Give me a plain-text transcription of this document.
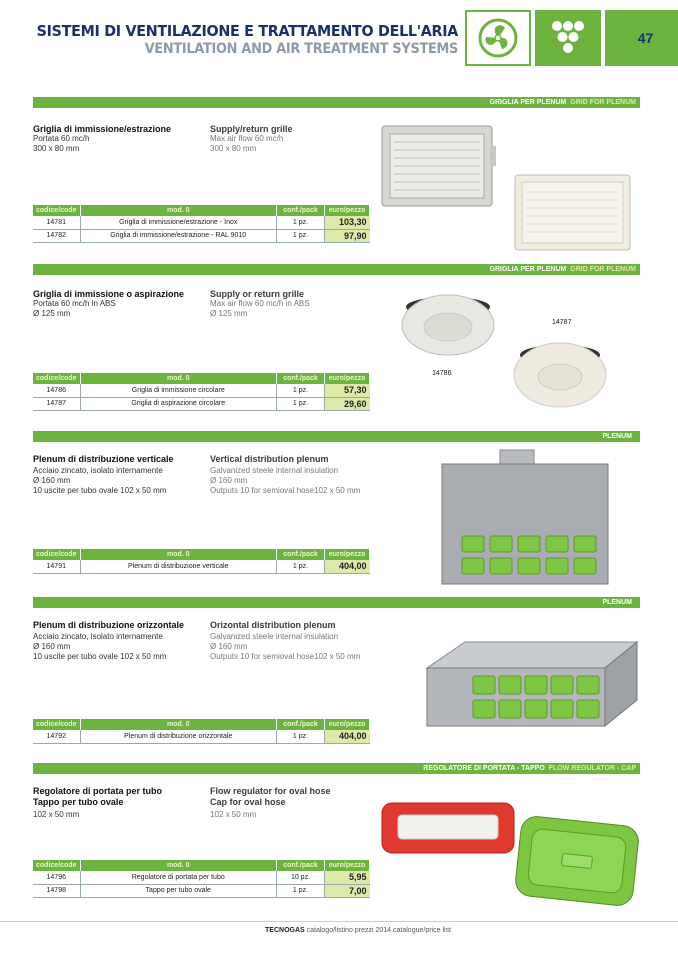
SISTEMI DI VENTILAZIONE E TRATTAMENTO DELL'ARIA
VENTILATION AND AIR TREATMENT SYSTEMS
47
GRIGLIA PER PLENUM GRID FOR PLENUM
Griglia di immissione/estrazione
Portata 60 mc/h
300 x 80 mm
Supply/return grille
Max air flow 60 mc/h
300 x 80 mm
codice/code	mod. 0	conf./pack	euro/pezzo
14781	Griglia di immissione/estrazione - Inox	1 pz.	103,30
14782	Griglia di immissione/estrazione - RAL 9010	1 pz.	97,90
GRIGLIA PER PLENUM GRID FOR PLENUM
Griglia di immissione o aspirazione
Portata 60 mc/h in ABS
Ø 125 mm
Supply or return grille
Max air flow 60 mc/h in ABS
Ø 125 mm
codice/code	mod. 0	conf./pack	euro/pezzo
14786	Griglia di immissione circolare	1 pz.	57,30
14787	Griglia di aspirazione circolare	1 pz.	29,60
14787
14786
PLENUM
Plenum di distribuzione verticale
Acciaio zincato, isolato internamente
Ø 160 mm
10 uscite per tubo ovale 102 x 50 mm
Vertical distribution plenum
Galvanized steele internal insulation
Ø 160 mm
Outputs 10 for semioval hose102 x 50 mm
codice/code	mod. 0	conf./pack	euro/pezzo
14791	Plenum di distribuzione verticale	1 pz.	404,00
PLENUM
Plenum di distribuzione orizzontale
Acciaio zincato, isolato internamente
Ø 160 mm
10 uscite per tubo ovale 102 x 50 mm
Orizontal distribution plenum
Galvanized steele internal insulation
Ø 160 mm
Outputs 10 for semioval hose102 x 50 mm
codice/code	mod. 0	conf./pack	euro/pezzo
14792	Plenum di distribuzione orizzontale	1 pz.	404,00
REGOLATORE DI PORTATA - TAPPO FLOW REGULATOR - CAP
Regolatore di portata per tubo
Tappo per tubo ovale
102 x 50 mm
Flow regulator for oval hose
Cap for oval hose
102 x 50 mm
codice/code	mod. 0	conf./pack	euro/pezzo
14796	Regolatore di portata per tubo	10 pz.	5,95
14798	Tappo per tubo ovale	1 pz.	7,00
TECNOGAS catalogo/listino prezzi 2014 catalogue/price list
